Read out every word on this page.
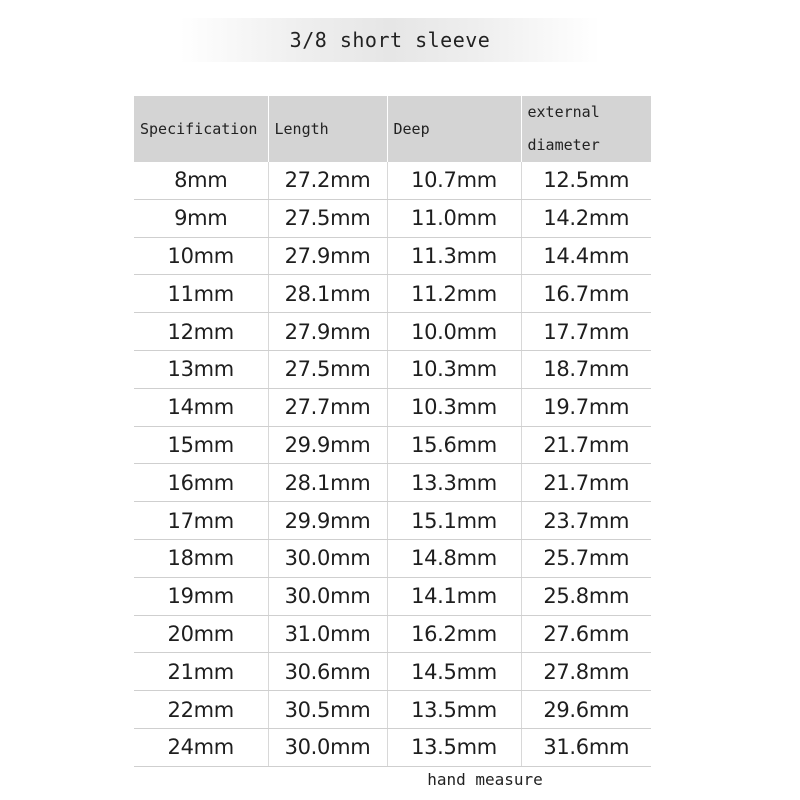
3/8 short sleeve
Specification	Length	Deep	external diameter
8mm	27.2mm	10.7mm	12.5mm
9mm	27.5mm	11.0mm	14.2mm
10mm	27.9mm	11.3mm	14.4mm
11mm	28.1mm	11.2mm	16.7mm
12mm	27.9mm	10.0mm	17.7mm
13mm	27.5mm	10.3mm	18.7mm
14mm	27.7mm	10.3mm	19.7mm
15mm	29.9mm	15.6mm	21.7mm
16mm	28.1mm	13.3mm	21.7mm
17mm	29.9mm	15.1mm	23.7mm
18mm	30.0mm	14.8mm	25.7mm
19mm	30.0mm	14.1mm	25.8mm
20mm	31.0mm	16.2mm	27.6mm
21mm	30.6mm	14.5mm	27.8mm
22mm	30.5mm	13.5mm	29.6mm
24mm	30.0mm	13.5mm	31.6mm
hand measure
